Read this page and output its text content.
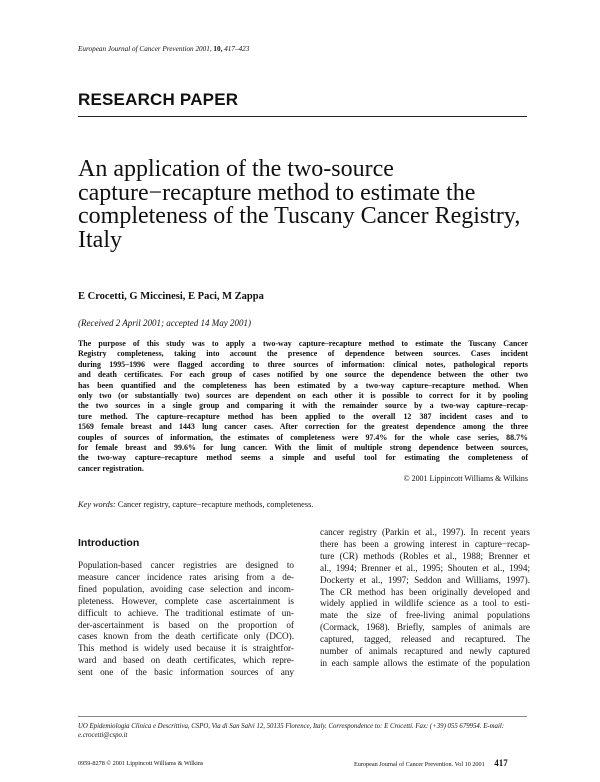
European Journal of Cancer Prevention 2001, 10, 417–423
RESEARCH PAPER
An application of the two-source
capture−recapture method to estimate the
completeness of the Tuscany Cancer Registry,
Italy
E Crocetti, G Miccinesi, E Paci, M Zappa
(Received 2 April 2001; accepted 14 May 2001)
The purpose of this study was to apply a two-way capture–recapture method to estimate the Tuscany Cancer
Registry completeness, taking into account the presence of dependence between sources. Cases incident
during 1995–1996 were flagged according to three sources of information: clinical notes, pathological reports
and death certificates. For each group of cases notified by one source the dependence between the other two
has been quantified and the completeness has been estimated by a two-way capture–recapture method. When
only two (or substantially two) sources are dependent on each other it is possible to correct for it by pooling
the two sources in a single group and comparing it with the remainder source by a two-way capture–recap-
ture method. The capture–recapture method has been applied to the overall 12 387 incident cases and to
1569 female breast and 1443 lung cancer cases. After correction for the greatest dependence among the three
couples of sources of information, the estimates of completeness were 97.4% for the whole case series, 88.7%
for female breast and 99.6% for lung cancer. With the limit of multiple strong dependence between sources,
the two-way capture–recapture method seems a simple and useful tool for estimating the completeness of
cancer registration.
© 2001 Lippincott Williams & Wilkins
Key words: Cancer registry, capture−recapture methods, completeness.
Introduction
Population-based cancer registries are designed to
measure cancer incidence rates arising from a de-
fined population, avoiding case selection and incom-
pleteness. However, complete case ascertainment is
difficult to achieve. The traditional estimate of un-
der-ascertainment is based on the proportion of
cases known from the death certificate only (DCO).
This method is widely used because it is straightfor-
ward and based on death certificates, which repre-
sent one of the basic information sources of any
cancer registry (Parkin et al., 1997). In recent years
there has been a growing interest in capture−recap-
ture (CR) methods (Robles et al., 1988; Brenner et
al., 1994; Brenner et al., 1995; Shouten et al., 1994;
Dockerty et al., 1997; Seddon and Williams, 1997).
The CR method has been originally developed and
widely applied in wildlife science as a tool to esti-
mate the size of free-living animal populations
(Cormack, 1968). Briefly, samples of animals are
captured, tagged, released and recaptured. The
number of animals recaptured and newly captured
in each sample allows the estimate of the population
UO Epidemiologia Clinica e Descrittiva, CSPO, Via di San Salvi 12, 50135 Florence, Italy. Correspondence to: E Crocetti. Fax: (+39) 055 679954. E-mail: e.crocetti@cspo.it
0959-8278 © 2001 Lippincott Williams & Wilkins	European Journal of Cancer Prevention. Vol 10 2001 417
